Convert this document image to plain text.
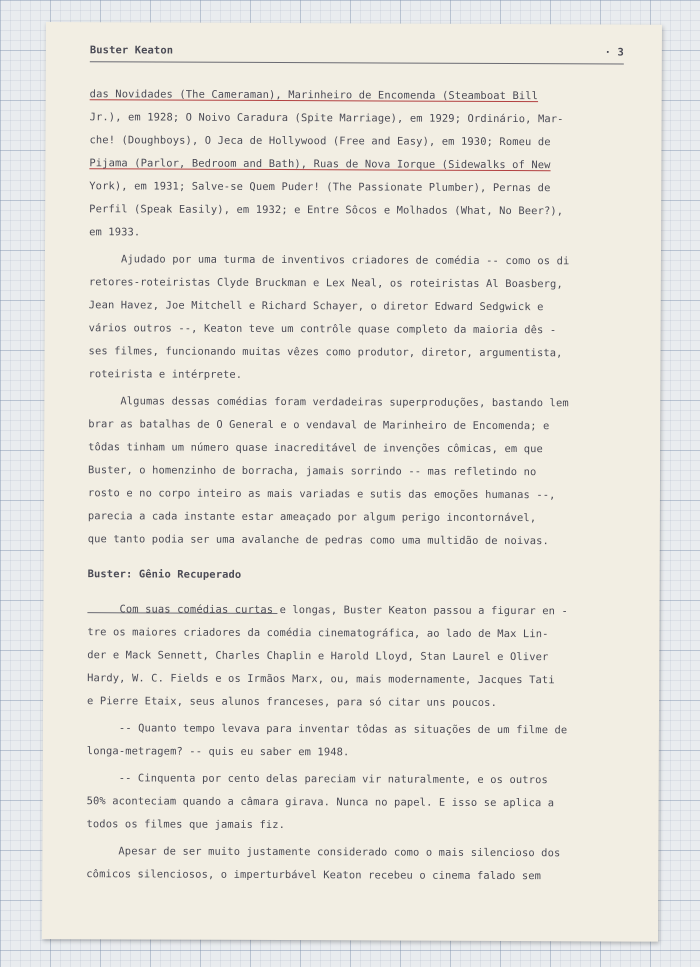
Buster Keaton

	· 3

das Novidades (The Cameraman), Marinheiro de Encomenda (Steamboat Bill
Jr.), em 1928; O Noivo Caradura (Spite Marriage), em 1929; Ordinário, Mar-
che! (Doughboys), O Jeca de Hollywood (Free and Easy), em 1930; Romeu de
Pijama (Parlor, Bedroom and Bath), Ruas de Nova Iorque (Sidewalks of New
York), em 1931; Salve-se Quem Puder! (The Passionate Plumber), Pernas de
Perfil (Speak Easily), em 1932; e Entre Sôcos e Molhados (What, No Beer?),
em 1933.
Ajudado por uma turma de inventivos criadores de comédia -- como os di
retores-roteiristas Clyde Bruckman e Lex Neal, os roteiristas Al Boasberg,
Jean Havez, Joe Mitchell e Richard Schayer, o diretor Edward Sedgwick e
vários outros --, Keaton teve um contrôle quase completo da maioria dês -
ses filmes, funcionando muitas vêzes como produtor, diretor, argumentista,
roteirista e intérprete.
Algumas dessas comédias foram verdadeiras superproduções, bastando lem
brar as batalhas de O General e o vendaval de Marinheiro de Encomenda; e
tôdas tinham um número quase inacreditável de invenções cômicas, em que
Buster, o homenzinho de borracha, jamais sorrindo -- mas refletindo no
rosto e no corpo inteiro as mais variadas e sutis das emoções humanas --,
parecia a cada instante estar ameaçado por algum perigo incontornável,
que tanto podia ser uma avalanche de pedras como uma multidão de noivas.
Buster: Gênio Recuperado
Com suas comédias curtas e longas, Buster Keaton passou a figurar en -
tre os maiores criadores da comédia cinematográfica, ao lado de Max Lin-
der e Mack Sennett, Charles Chaplin e Harold Lloyd, Stan Laurel e Oliver
Hardy, W. C. Fields e os Irmãos Marx, ou, mais modernamente, Jacques Tati
e Pierre Etaix, seus alunos franceses, para só citar uns poucos.
-- Quanto tempo levava para inventar tôdas as situações de um filme de
longa-metragem? -- quis eu saber em 1948.
-- Cinquenta por cento delas pareciam vir naturalmente, e os outros
50% aconteciam quando a câmara girava. Nunca no papel. E isso se aplica a
todos os filmes que jamais fiz.
Apesar de ser muito justamente considerado como o mais silencioso dos
cômicos silenciosos, o imperturbável Keaton recebeu o cinema falado sem
